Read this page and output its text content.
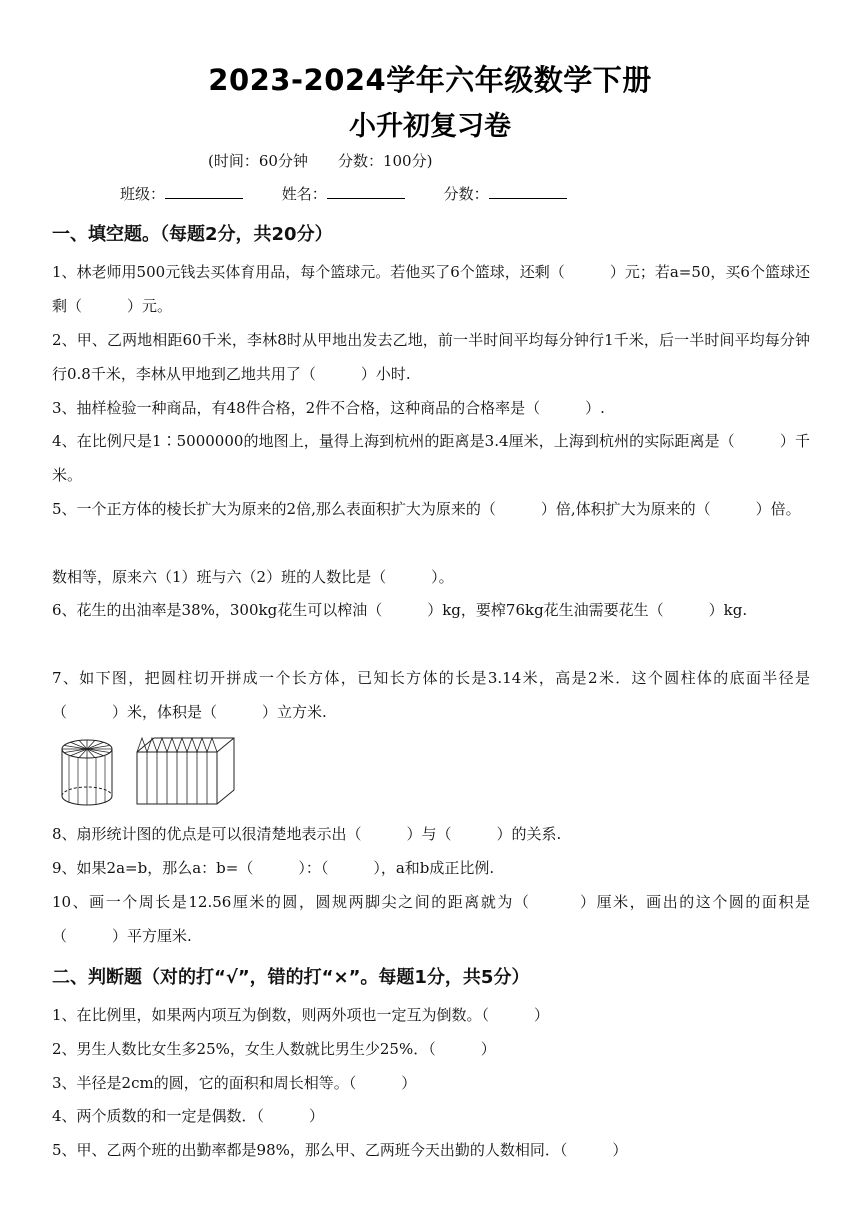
2023-2024学年六年级数学下册
小升初复习卷
(时间：60分钟　　分数：100分)
班级：	姓名：	分数：
一、填空题。（每题2分，共20分）

1、林老师用500元钱去买体育用品，每个篮球元。若他买了6个篮球，还剩（　　　）元；若a=50，买6个篮球还剩（　　　）元。

2、甲、乙两地相距60千米，李林8时从甲地出发去乙地，前一半时间平均每分钟行1千米，后一半时间平均每分钟行0.8千米，李林从甲地到乙地共用了（　　　）小时.

3、抽样检验一种商品，有48件合格，2件不合格，这种商品的合格率是（　　　）.

4、在比例尺是1∶5000000的地图上，量得上海到杭州的距离是3.4厘米，上海到杭州的实际距离是（　　　）千米。

5、一个正方体的棱长扩大为原来的2倍,那么表面积扩大为原来的（　　　）倍,体积扩大为原来的（　　　）倍。

数相等，原来六（1）班与六（2）班的人数比是（　　　）。

6、花生的出油率是38%，300kg花生可以榨油（　　　）kg，要榨76kg花生油需要花生（　　　）kg.

7、如下图，把圆柱切开拼成一个长方体，已知长方体的长是3.14米，高是2米．这个圆柱体的底面半径是（　　　）米，体积是（　　　）立方米.

8、扇形统计图的优点是可以很清楚地表示出（　　　）与（　　　）的关系.

9、如果2a=b，那么a：b=（　　　）：（　　　），a和b成正比例.

10、画一个周长是12.56厘米的圆，圆规两脚尖之间的距离就为（　　　）厘米，画出的这个圆的面积是（　　　）平方厘米.

二、判断题（对的打“√”，错的打“×”。每题1分，共5分）

1、在比例里，如果两内项互为倒数，则两外项也一定互为倒数。（　　　）

2、男生人数比女生多25%，女生人数就比男生少25%．（　　　）

3、半径是2cm的圆，它的面积和周长相等。（　　　）

4、两个质数的和一定是偶数．（　　　）

5、甲、乙两个班的出勤率都是98%，那么甲、乙两班今天出勤的人数相同．（　　　）
